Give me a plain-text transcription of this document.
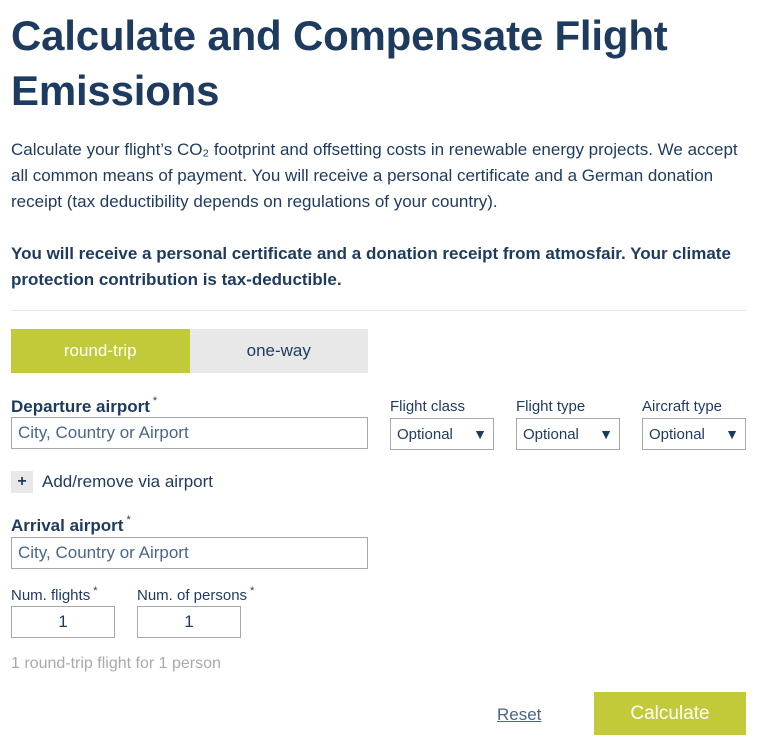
Calculate and Compensate Flight Emissions

Calculate your flight’s CO₂ footprint and offsetting costs in renewable energy projects. We accept all common means of payment. You will receive a personal certificate and a German donation receipt (tax deductibility depends on regulations of your country).

You will receive a personal certificate and a donation receipt from atmosfair. Your climate protection contribution is tax-deductible.

round-trip	one-way
Departure airport *
City, Country or Airport	Flight class
Optional ▼
Flight type
Optional ▼
Aircraft type
Optional ▼
+ Add/remove via airport
Arrival airport *
City, Country or Airport
Num. flights *
1	Num. of persons *
1
1 round-trip flight for 1 person
Reset	Calculate
